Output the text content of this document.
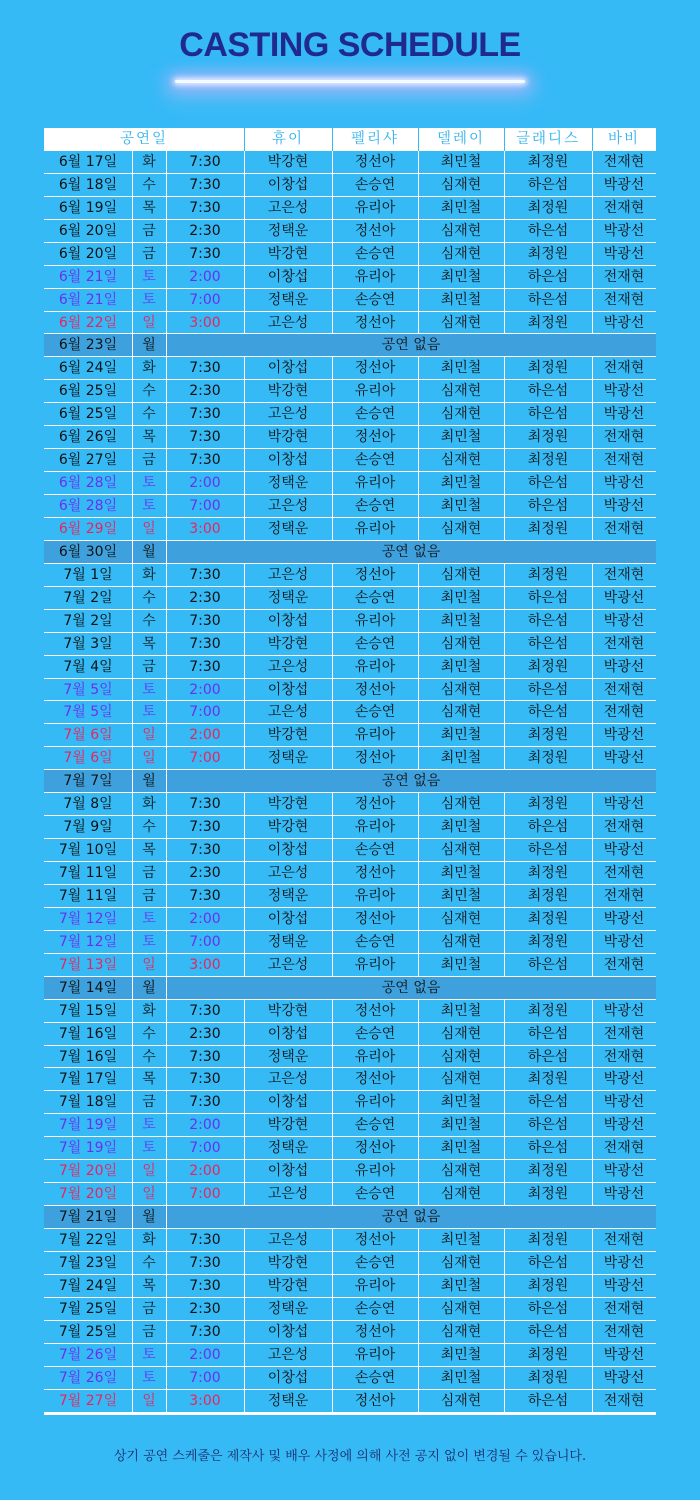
CASTING SCHEDULE
공연일	휴이	펠리샤	델레이	글래디스	바비
6월 17일	화	7:30	박강현	정선아	최민철	최정원	전재현
6월 18일	수	7:30	이창섭	손승연	심재현	하은섬	박광선
6월 19일	목	7:30	고은성	유리아	최민철	최정원	전재현
6월 20일	금	2:30	정택운	정선아	심재현	하은섬	박광선
6월 20일	금	7:30	박강현	손승연	심재현	최정원	박광선
6월 21일	토	2:00	이창섭	유리아	최민철	하은섬	전재현
6월 21일	토	7:00	정택운	손승연	최민철	하은섬	전재현
6월 22일	일	3:00	고은성	정선아	심재현	최정원	박광선
6월 23일	월	공연 없음
6월 24일	화	7:30	이창섭	정선아	최민철	최정원	전재현
6월 25일	수	2:30	박강현	유리아	심재현	하은섬	박광선
6월 25일	수	7:30	고은성	손승연	심재현	하은섬	박광선
6월 26일	목	7:30	박강현	정선아	최민철	최정원	전재현
6월 27일	금	7:30	이창섭	손승연	심재현	최정원	전재현
6월 28일	토	2:00	정택운	유리아	최민철	하은섬	박광선
6월 28일	토	7:00	고은성	손승연	최민철	하은섬	박광선
6월 29일	일	3:00	정택운	유리아	심재현	최정원	전재현
6월 30일	월	공연 없음
7월 1일	화	7:30	고은성	정선아	심재현	최정원	전재현
7월 2일	수	2:30	정택운	손승연	최민철	하은섬	박광선
7월 2일	수	7:30	이창섭	유리아	최민철	하은섬	박광선
7월 3일	목	7:30	박강현	손승연	심재현	하은섬	전재현
7월 4일	금	7:30	고은성	유리아	최민철	최정원	박광선
7월 5일	토	2:00	이창섭	정선아	심재현	하은섬	전재현
7월 5일	토	7:00	고은성	손승연	심재현	하은섬	전재현
7월 6일	일	2:00	박강현	유리아	최민철	최정원	박광선
7월 6일	일	7:00	정택운	정선아	최민철	최정원	박광선
7월 7일	월	공연 없음
7월 8일	화	7:30	박강현	정선아	심재현	최정원	박광선
7월 9일	수	7:30	박강현	유리아	최민철	하은섬	전재현
7월 10일	목	7:30	이창섭	손승연	심재현	하은섬	박광선
7월 11일	금	2:30	고은성	정선아	최민철	최정원	전재현
7월 11일	금	7:30	정택운	유리아	최민철	최정원	전재현
7월 12일	토	2:00	이창섭	정선아	심재현	최정원	박광선
7월 12일	토	7:00	정택운	손승연	심재현	최정원	박광선
7월 13일	일	3:00	고은성	유리아	최민철	하은섬	전재현
7월 14일	월	공연 없음
7월 15일	화	7:30	박강현	정선아	최민철	최정원	박광선
7월 16일	수	2:30	이창섭	손승연	심재현	하은섬	전재현
7월 16일	수	7:30	정택운	유리아	심재현	하은섬	전재현
7월 17일	목	7:30	고은성	정선아	심재현	최정원	박광선
7월 18일	금	7:30	이창섭	유리아	최민철	하은섬	박광선
7월 19일	토	2:00	박강현	손승연	최민철	하은섬	박광선
7월 19일	토	7:00	정택운	정선아	최민철	하은섬	전재현
7월 20일	일	2:00	이창섭	유리아	심재현	최정원	박광선
7월 20일	일	7:00	고은성	손승연	심재현	최정원	박광선
7월 21일	월	공연 없음
7월 22일	화	7:30	고은성	정선아	최민철	최정원	전재현
7월 23일	수	7:30	박강현	손승연	심재현	하은섬	박광선
7월 24일	목	7:30	박강현	유리아	최민철	최정원	박광선
7월 25일	금	2:30	정택운	손승연	심재현	하은섬	전재현
7월 25일	금	7:30	이창섭	정선아	심재현	하은섬	전재현
7월 26일	토	2:00	고은성	유리아	최민철	최정원	박광선
7월 26일	토	7:00	이창섭	손승연	최민철	최정원	박광선
7월 27일	일	3:00	정택운	정선아	심재현	하은섬	전재현
상기 공연 스케줄은 제작사 및 배우 사정에 의해 사전 공지 없이 변경될 수 있습니다.
